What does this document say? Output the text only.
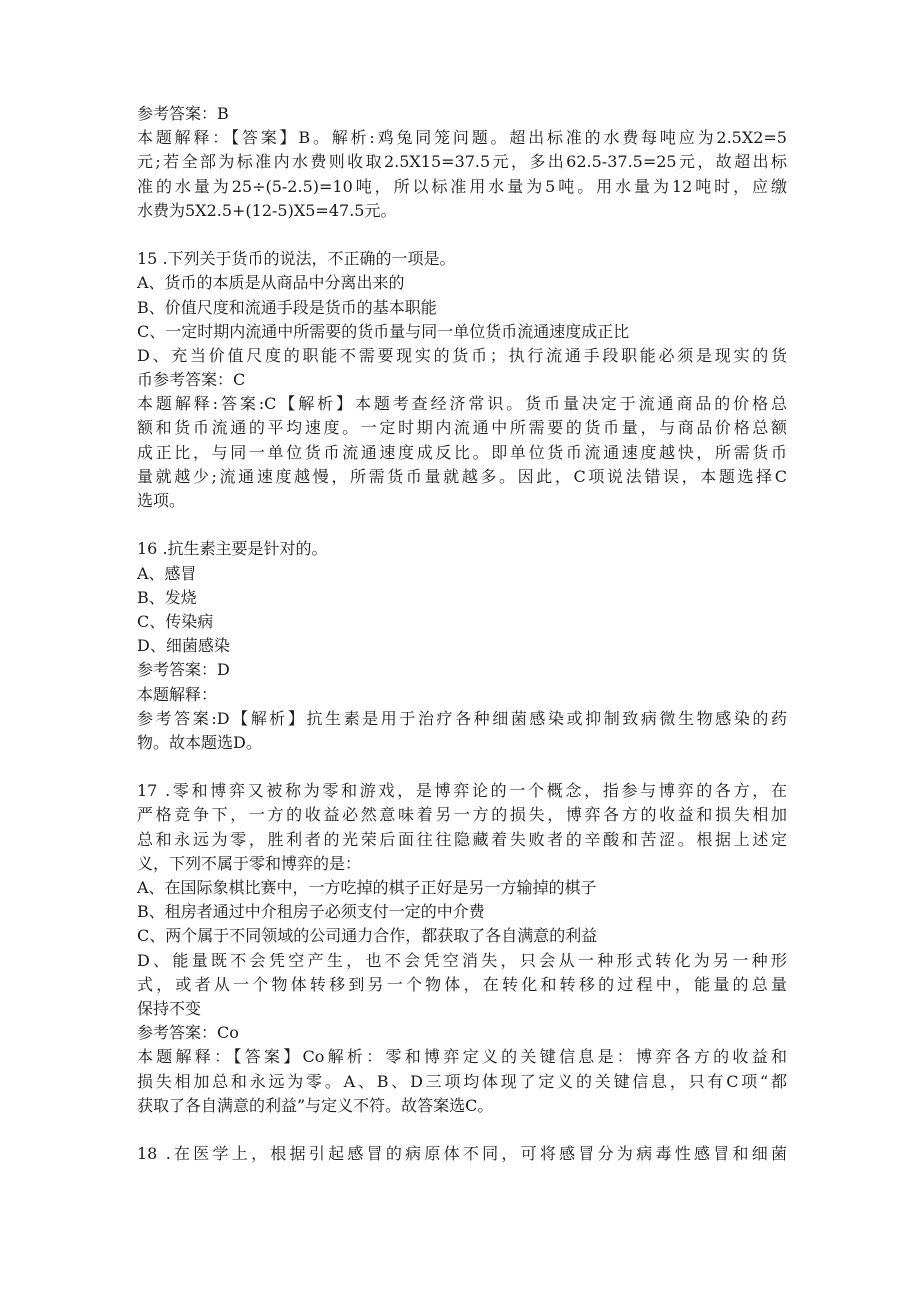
参考答案：B
本题解释：【答案】B。解析:鸡兔同笼问题。超出标准的水费每吨应为2.5X2=5
元;若全部为标准内水费则收取2.5X15=37.5元，多出62.5-37.5=25元，故超出标
准的水量为25÷(5-2.5)=10吨，所以标准用水量为5吨。用水量为12吨时，应缴
水费为5X2.5+(12-5)X5=47.5元。
15 .下列关于货币的说法，不正确的一项是。
A、货币的本质是从商品中分离出来的
B、价值尺度和流通手段是货币的基本职能
C、一定时期内流通中所需要的货币量与同一单位货币流通速度成正比
D、充当价值尺度的职能不需要现实的货币；执行流通手段职能必须是现实的货
币参考答案：C
本题解释:答案:C【解析】本题考查经济常识。货币量决定于流通商品的价格总
额和货币流通的平均速度。一定时期内流通中所需要的货币量，与商品价格总额
成正比，与同一单位货币流通速度成反比。即单位货币流通速度越快，所需货币
量就越少;流通速度越慢，所需货币量就越多。因此，C项说法错误，本题选择C
选项。
16 .抗生素主要是针对的。
A、感冒
B、发烧
C、传染病
D、细菌感染
参考答案：D
本题解释：
参考答案:D【解析】抗生素是用于治疗各种细菌感染或抑制致病微生物感染的药
物。故本题选D。
17 .零和博弈又被称为零和游戏，是博弈论的一个概念，指参与博弈的各方，在
严格竞争下，一方的收益必然意味着另一方的损失，博弈各方的收益和损失相加
总和永远为零，胜利者的光荣后面往往隐藏着失败者的辛酸和苦涩。根据上述定
义，下列不属于零和博弈的是：
A、在国际象棋比赛中，一方吃掉的棋子正好是另一方输掉的棋子
B、租房者通过中介租房子必须支付一定的中介费
C、两个属于不同领域的公司通力合作，都获取了各自满意的利益
D、能量既不会凭空产生，也不会凭空消失，只会从一种形式转化为另一种形
式，或者从一个物体转移到另一个物体，在转化和转移的过程中，能量的总量
保持不变
参考答案：Co
本题解释：【答案】Co解析：零和博弈定义的关键信息是：博弈各方的收益和
损失相加总和永远为零。A、B、D三项均体现了定义的关键信息，只有C项“都
获取了各自满意的利益”与定义不符。故答案选C。
18 .在医学上，根据引起感冒的病原体不同，可将感冒分为病毒性感冒和细菌
